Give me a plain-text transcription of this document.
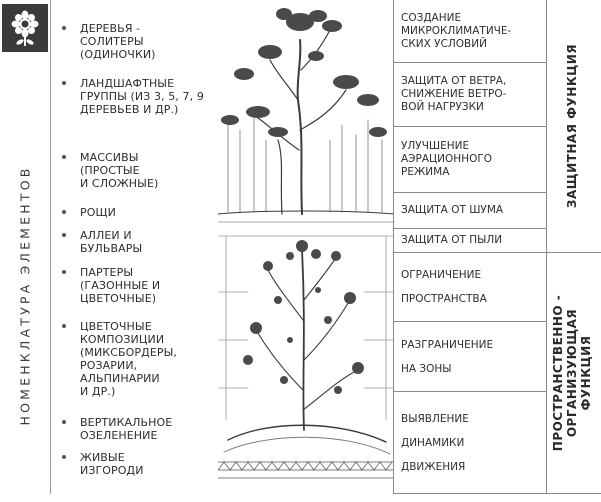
НОМЕНКЛАТУРА ЭЛЕМЕНТОВ
ДЕРЕВЬЯ -
СОЛИТЕРЫ
(ОДИНОЧКИ)
ЛАНДШАФТНЫЕ
ГРУППЫ (ИЗ 3, 5, 7, 9
ДЕРЕВЬЕВ И ДР.)
МАССИВЫ
(ПРОСТЫЕ
И СЛОЖНЫЕ)
РОЩИ
АЛЛЕИ И
БУЛЬВАРЫ
ПАРТЕРЫ
(ГАЗОННЫЕ И
ЦВЕТОЧНЫЕ)
ЦВЕТОЧНЫЕ
КОМПОЗИЦИИ
(МИКСБОРДЕРЫ,
РОЗАРИИ,
АЛЬПИНАРИИ
И ДР.)
ВЕРТИКАЛЬНОЕ
ОЗЕЛЕНЕНИЕ
ЖИВЫЕ
ИЗГОРОДИ
СОЗДАНИЕ
МИКРОКЛИМАТИЧЕ-
СКИХ УСЛОВИЙ
ЗАЩИТА ОТ ВЕТРА,
СНИЖЕНИЕ ВЕТРО-
ВОЙ НАГРУЗКИ
УЛУЧШЕНИЕ
АЭРАЦИОННОГО
РЕЖИМА
ЗАЩИТА ОТ ШУМА
ЗАЩИТА ОТ ПЫЛИ
ОГРАНИЧЕНИЕ
ПРОСТРАНСТВА
РАЗГРАНИЧЕНИЕ
НА ЗОНЫ
ВЫЯВЛЕНИЕ
ДИНАМИКИ
ДВИЖЕНИЯ
ЗАЩИТНАЯ ФУНКЦИЯ
ПРОСТРАНСТВЕННО - ОРГАНИЗУЮЩАЯ ФУНКЦИЯ
